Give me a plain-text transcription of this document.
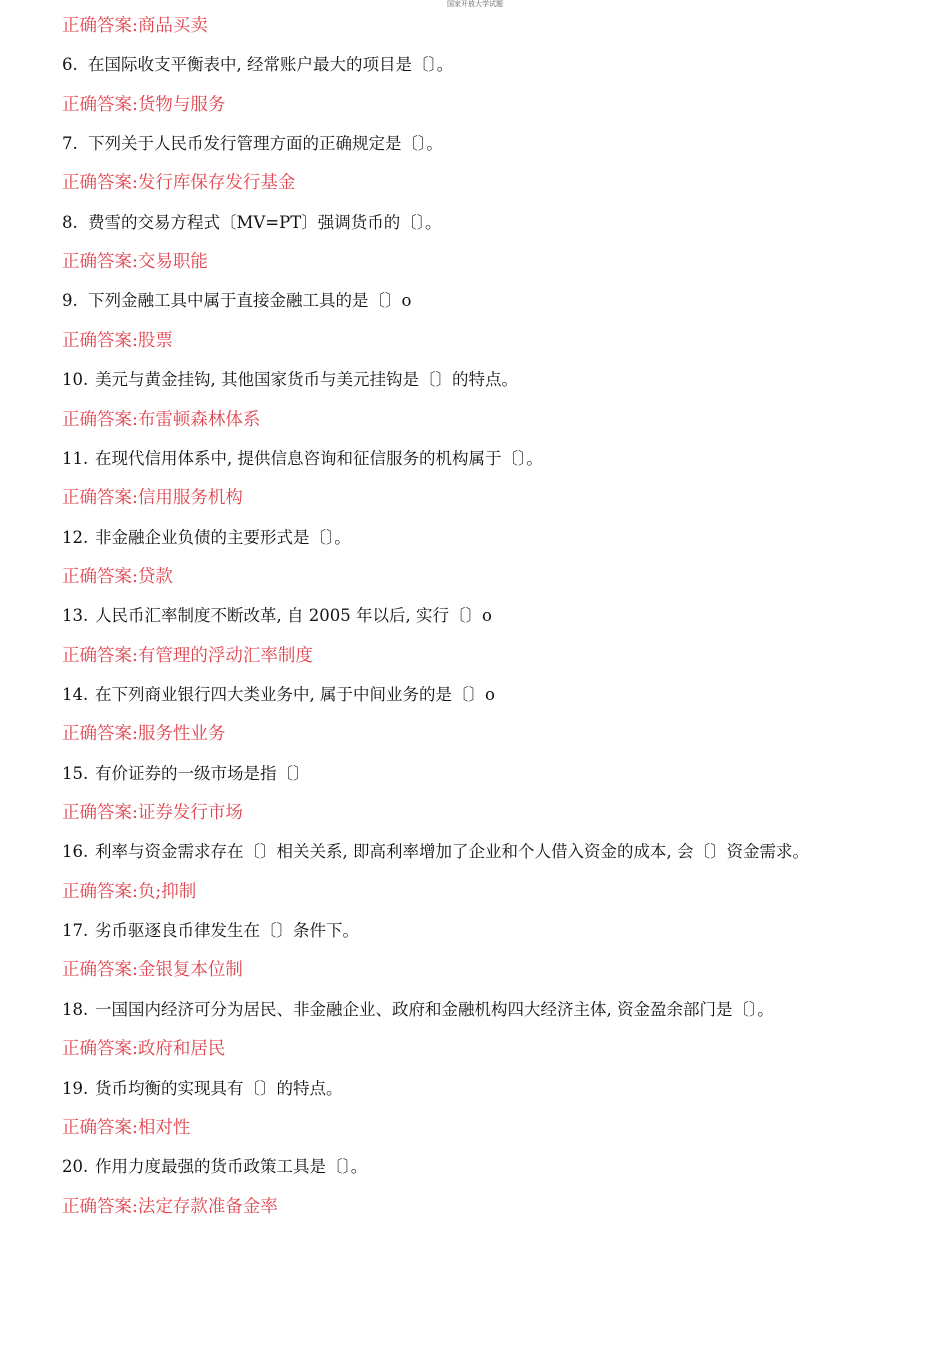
国家开放大学试题
正确答案:商品买卖
6. 在国际收支平衡表中, 经常账户最大的项目是〔〕。
正确答案:货物与服务
7. 下列关于人民币发行管理方面的正确规定是〔〕。
正确答案:发行库保存发行基金
8. 费雪的交易方程式〔MV=PT〕强调货币的〔〕。
正确答案:交易职能
9. 下列金融工具中属于直接金融工具的是〔〕o
正确答案:股票
10. 美元与黄金挂钩, 其他国家货币与美元挂钩是〔〕的特点。
正确答案:布雷顿森林体系
11. 在现代信用体系中, 提供信息咨询和征信服务的机构属于〔〕。
正确答案:信用服务机构
12. 非金融企业负债的主要形式是〔〕。
正确答案:贷款
13. 人民币汇率制度不断改革, 自 2005 年以后, 实行〔〕o
正确答案:有管理的浮动汇率制度
14. 在下列商业银行四大类业务中, 属于中间业务的是〔〕o
正确答案:服务性业务
15. 有价证券的一级市场是指〔〕
正确答案:证券发行市场
16. 利率与资金需求存在〔〕相关关系, 即高利率增加了企业和个人借入资金的成本, 会〔〕资金需求。
正确答案:负;抑制
17. 劣币驱逐良币律发生在〔〕条件下。
正确答案:金银复本位制
18. 一国国内经济可分为居民、非金融企业、政府和金融机构四大经济主体, 资金盈余部门是〔〕。
正确答案:政府和居民
19. 货币均衡的实现具有〔〕的特点。
正确答案:相对性
20. 作用力度最强的货币政策工具是〔〕。
正确答案:法定存款准备金率
